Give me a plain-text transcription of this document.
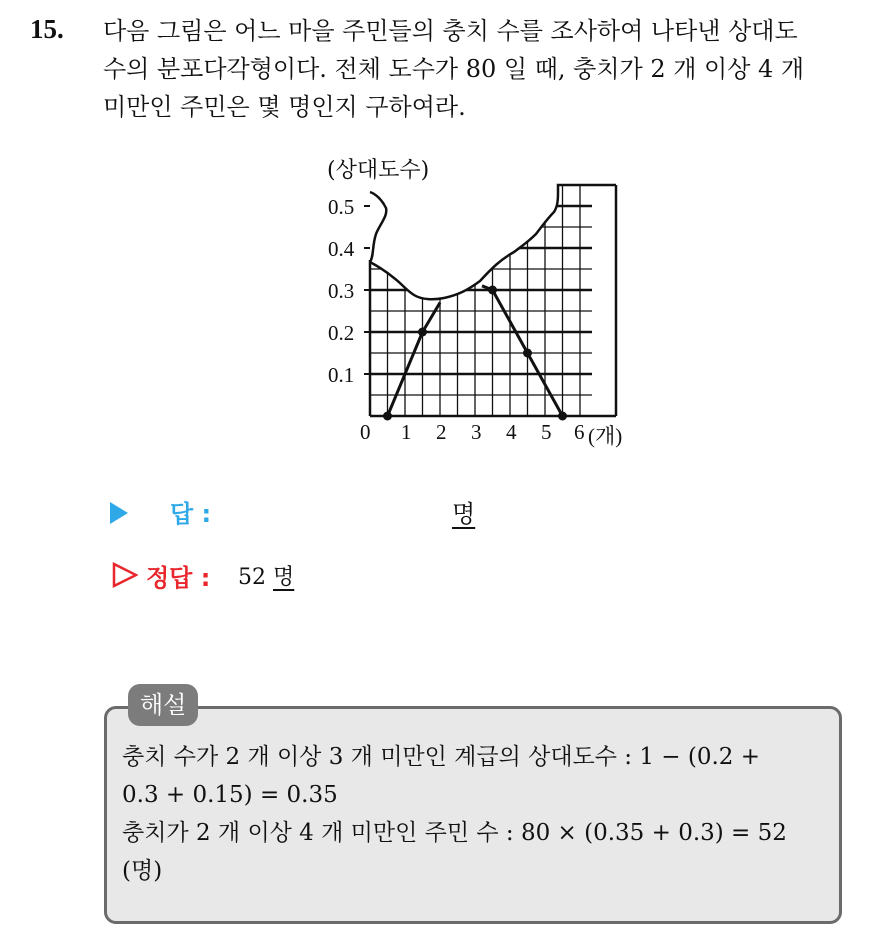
15. 다음 그림은 어느 마을 주민들의 충치 수를 조사하여 나타낸 상대도
수의 분포다각형이다. 전체 도수가 80 일 때, 충치가 2 개 이상 4 개
미만인 주민은 몇 명인지 구하여라.
(상대도수)
0.5
0.4
0.3
0.2
0.1
0 1 2 3 4 5 6 (개)
답 :	명
정답 : 52 명
해설
충치 수가 2 개 이상 3 개 미만인 계급의 상대도수 : 1 − (0.2 +
0.3 + 0.15) = 0.35
충치가 2 개 이상 4 개 미만인 주민 수 : 80 × (0.35 + 0.3) = 52
(명)
